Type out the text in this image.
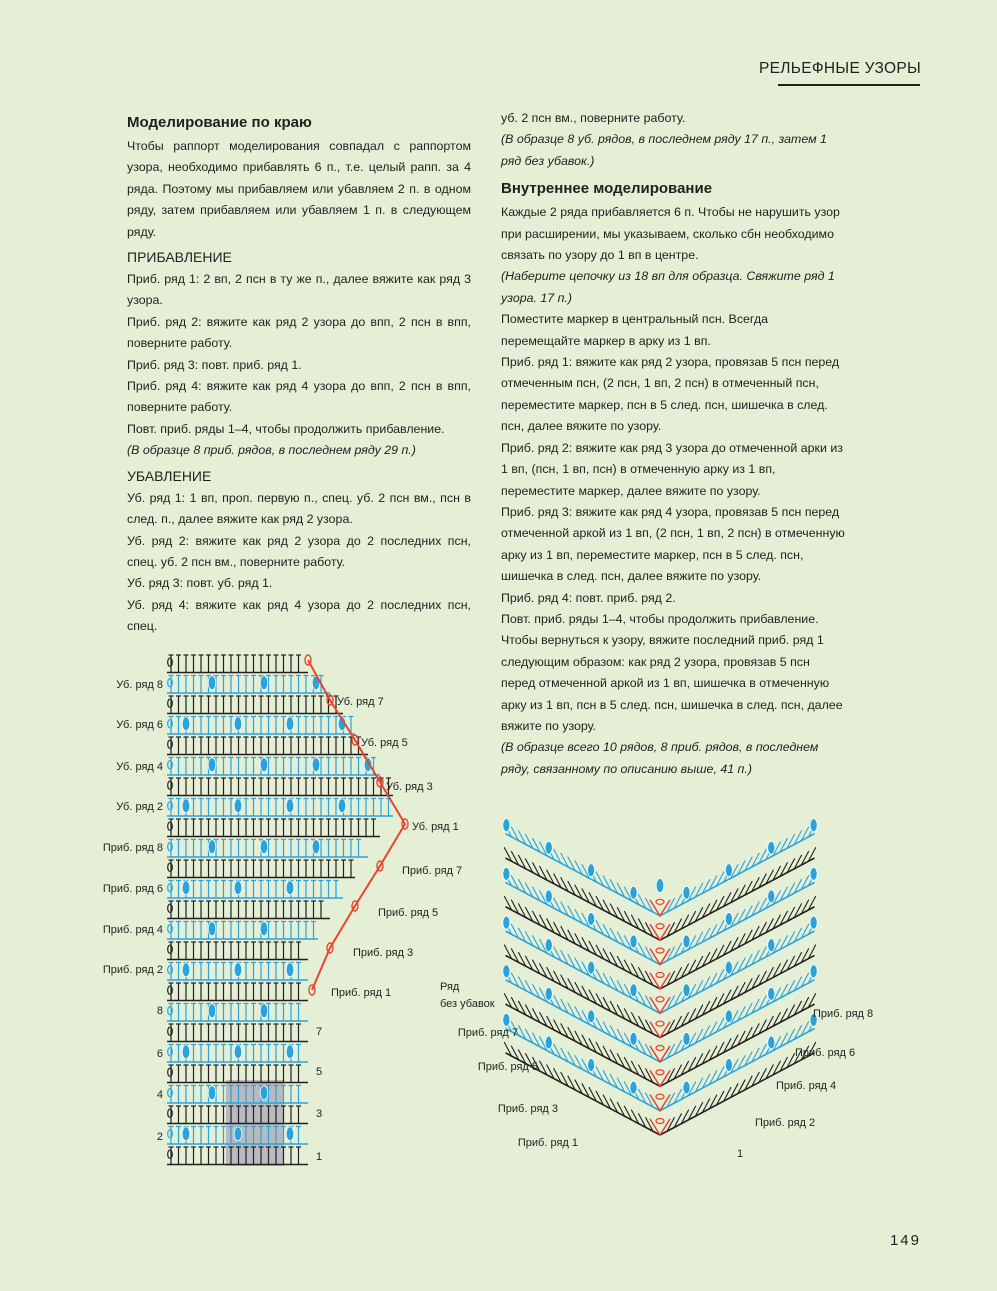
РЕЛЬЕФНЫЕ УЗОРЫ
Моделирование по краю

Чтобы раппорт моделирования совпадал с раппортом узора, необходимо прибавлять 6 п., т.е. целый рапп. за 4 ряда. Поэтому мы прибавляем или убавляем 2 п. в одном ряду, затем прибавляем или убавляем 1 п. в следующем ряду.

ПРИБАВЛЕНИЕ

Приб. ряд 1: 2 вп, 2 псн в ту же п., далее вяжите как ряд 3 узора.

Приб. ряд 2: вяжите как ряд 2 узора до впп, 2 псн в впп, поверните работу.

Приб. ряд 3: повт. приб. ряд 1.

Приб. ряд 4: вяжите как ряд 4 узора до впп, 2 псн в впп, поверните работу.

Повт. приб. ряды 1–4, чтобы продолжить прибавление.

(В образце 8 приб. рядов, в последнем ряду 29 п.)

УБАВЛЕНИЕ

Уб. ряд 1: 1 вп, проп. первую п., спец. уб. 2 псн вм., псн в след. п., далее вяжите как ряд 2 узора.

Уб. ряд 2: вяжите как ряд 2 узора до 2 последних псн, спец. уб. 2 псн вм., поверните работу.

Уб. ряд 3: повт. уб. ряд 1.

Уб. ряд 4: вяжите как ряд 4 узора до 2 последних псн, спец.

уб. 2 псн вм., поверните работу.

(В образце 8 уб. рядов, в последнем ряду 17 п., затем 1 ряд без убавок.)

Внутреннее моделирование

Каждые 2 ряда прибавляется 6 п. Чтобы не нарушить узор при расширении, мы указываем, сколько сбн необходимо связать по узору до 1 вп в центре.

(Наберите цепочку из 18 вп для образца. Свяжите ряд 1 узора. 17 п.)

Поместите маркер в центральный псн. Всегда перемещайте маркер в арку из 1 вп.

Приб. ряд 1: вяжите как ряд 2 узора, провязав 5 псн перед отмеченным псн, (2 псн, 1 вп, 2 псн) в отмеченный псн, переместите маркер, псн в 5 след. псн, шишечка в след. псн, далее вяжите по узору.

Приб. ряд 2: вяжите как ряд 3 узора до отмеченной арки из 1 вп, (псн, 1 вп, псн) в отмеченную арку из 1 вп, переместите маркер, далее вяжите по узору.

Приб. ряд 3: вяжите как ряд 4 узора, провязав 5 псн перед отмеченной аркой из 1 вп, (2 псн, 1 вп, 2 псн) в отмеченную арку из 1 вп, переместите маркер, псн в 5 след. псн, шишечка в след. псн, далее вяжите по узору.

Приб. ряд 4: повт. приб. ряд 2.

Повт. приб. ряды 1–4, чтобы продолжить прибавление.

Чтобы вернуться к узору, вяжите последний приб. ряд 1 следующим образом: как ряд 2 узора, провязав 5 псн перед отмеченной аркой из 1 вп, шишечка в отмеченную арку из 1 вп, псн в 5 след. псн, шишечка в след. псн, далее вяжите по узору.

(В образце всего 10 рядов, 8 приб. рядов, в последнем ряду, связанному по описанию выше, 41 п.)

Уб. ряд 8
Уб. ряд 6
Уб. ряд 4
Уб. ряд 2
Приб. ряд 8
Приб. ряд 6
Приб. ряд 4
Приб. ряд 2
8
6
4
2
Уб. ряд 7
Уб. ряд 5
Уб. ряд 3
Уб. ряд 1
Приб. ряд 7
Приб. ряд 5
Приб. ряд 3
Приб. ряд 1
7
5
3
1
Ряд
без убавок
Приб. ряд 7
Приб. ряд 5
Приб. ряд 3
Приб. ряд 1
Приб. ряд 8
Приб. ряд 6
Приб. ряд 4
Приб. ряд 2
1
149
